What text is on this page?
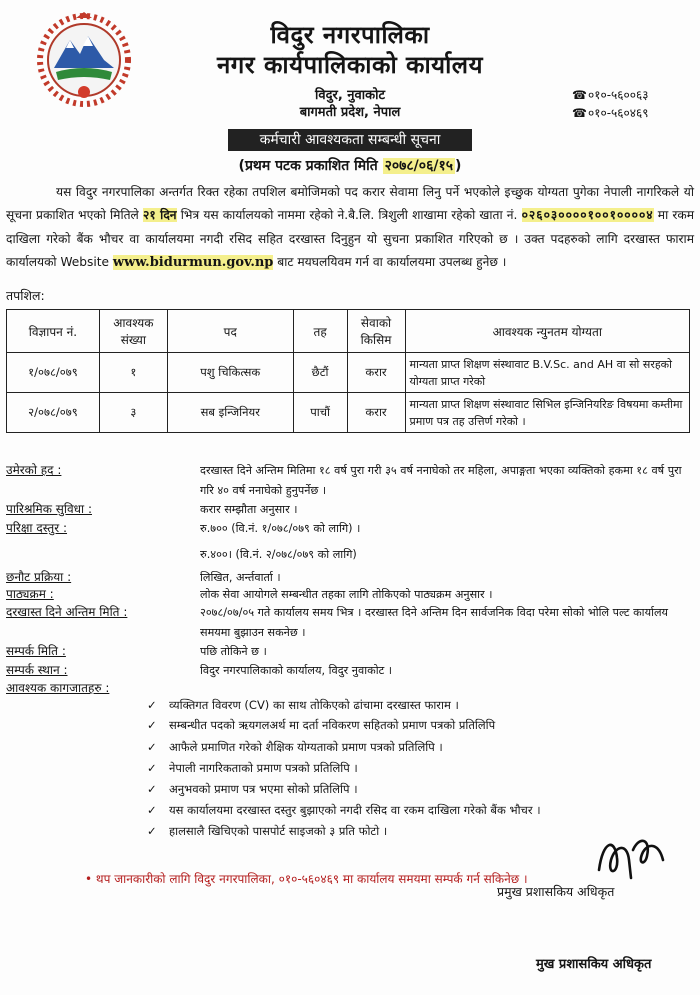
विदुर नगरपालिका
नगर कार्यपालिकाको कार्यालय
विदुर, नुवाकोट
बागमती प्रदेश, नेपाल
☎०१०-५६००६३
☎०१०-५६०४६९
कर्मचारी आवश्यकता सम्बन्धी सूचना
(प्रथम पटक प्रकाशित मिति २०७८/०६/१५ )
यस विदुर नगरपालिका अन्तर्गत रिक्त रहेका तपशिल बमोजिमको पद करार सेवामा लिनु पर्ने भएकोले इच्छुक योग्यता पुगेका नेपाली नागरिकले यो सूचना प्रकाशित भएको मितिले २१ दिन भित्र यस कार्यालयको नाममा रहेको ने.बै.लि. त्रिशुली शाखामा रहेको खाता नं. ०२६०३००००१००१००००४ मा रकम दाखिला गरेको बैंक भौचर वा कार्यालयमा नगदी रसिद सहित दरखास्त दिनुहुन यो सुचना प्रकाशित गरिएको छ । उक्त पदहरुको लागि दरखास्त फाराम कार्यालयको Website www.bidurmun.gov.np बाट मयघलयिवम गर्न वा कार्यालयमा उपलब्ध हुनेछ ।
तपशिल:
विज्ञापन नं.	आवश्यक संख्या	पद	तह	सेवाको किसिम	आवश्यक न्युनतम योग्यता
१/०७८/०७९	१	पशु चिकित्सक	छैटौं	करार	मान्यता प्राप्त शिक्षण संस्थावाट B.V.Sc. and AH वा सो सरहको योग्यता प्राप्त गरेको
२/०७८/०७९	३	सब इन्जिनियर	पाचौं	करार	मान्यता प्राप्त शिक्षण संस्थावाट सिभिल इन्जिनियरिङ विषयमा कम्तीमा प्रमाण पत्र तह उत्तिर्ण गरेको ।
उमेरको हद :	दरखास्त दिने अन्तिम मितिमा १८ वर्ष पुरा गरी ३५ वर्ष ननाघेको तर महिला, अपाङ्गता भएका व्यक्तिको हकमा १८ वर्ष पुरा गरि ४० वर्ष ननाघेको हुनुपर्नेछ ।
पारिश्रमिक सुविधा :	करार सम्झौता अनुसार ।
परिक्षा दस्तुर :	रु.७०० (वि.नं. १/०७८/०७९ को लागि) ।
रु.४००। (वि.नं. २/०७८/०७९ को लागि)
छनौट प्रक्रिया :	लिखित, अर्न्तवार्ता ।
पाठ्यक्रम :	लोक सेवा आयोगले सम्बन्धीत तहका लागि तोकिएको पाठ्यक्रम अनुसार ।
दरखास्त दिने अन्तिम मिति :	२०७८/०७/०५ गते कार्यालय समय भित्र । दरखास्त दिने अन्तिम दिन सार्वजनिक विदा परेमा सोको भोलि पल्ट कार्यालय समयमा बुझाउन सकनेछ ।
सम्पर्क मिति :	पछि तोकिने छ ।
सम्पर्क स्थान :	विदुर नगरपालिकाको कार्यालय, विदुर नुवाकोट ।
आवश्यक कागजातहरु :
✓ व्यक्तिगत विवरण (CV) का साथ तोकिएको ढांचामा दरखास्त फाराम ।
✓ सम्बन्धीत पदको ऋयगलअर्थ मा दर्ता नविकरण सहितको प्रमाण पत्रको प्रतिलिपि
✓ आफैले प्रमाणित गरेको शैक्षिक योग्यताको प्रमाण पत्रको प्रतिलिपि ।
✓ नेपाली नागरिकताको प्रमाण पत्रको प्रतिलिपि ।
✓ अनुभवको प्रमाण पत्र भएमा सोको प्रतिलिपि ।
✓ यस कार्यालयमा दरखास्त दस्तुर बुझाएको नगदी रसिद वा रकम दाखिला गरेको बैंक भौचर ।
✓ हालसालै खिचिएको पासपोर्ट साइजको ३ प्रति फोटो ।
• थप जानकारीको लागि विदुर नगरपालिका, ०१०-५६०४६९ मा कार्यालय समयमा सम्पर्क गर्न सकिनेछ ।
प्रमुख प्रशासकिय अधिकृत
मुख प्रशासकिय अधिकृत
